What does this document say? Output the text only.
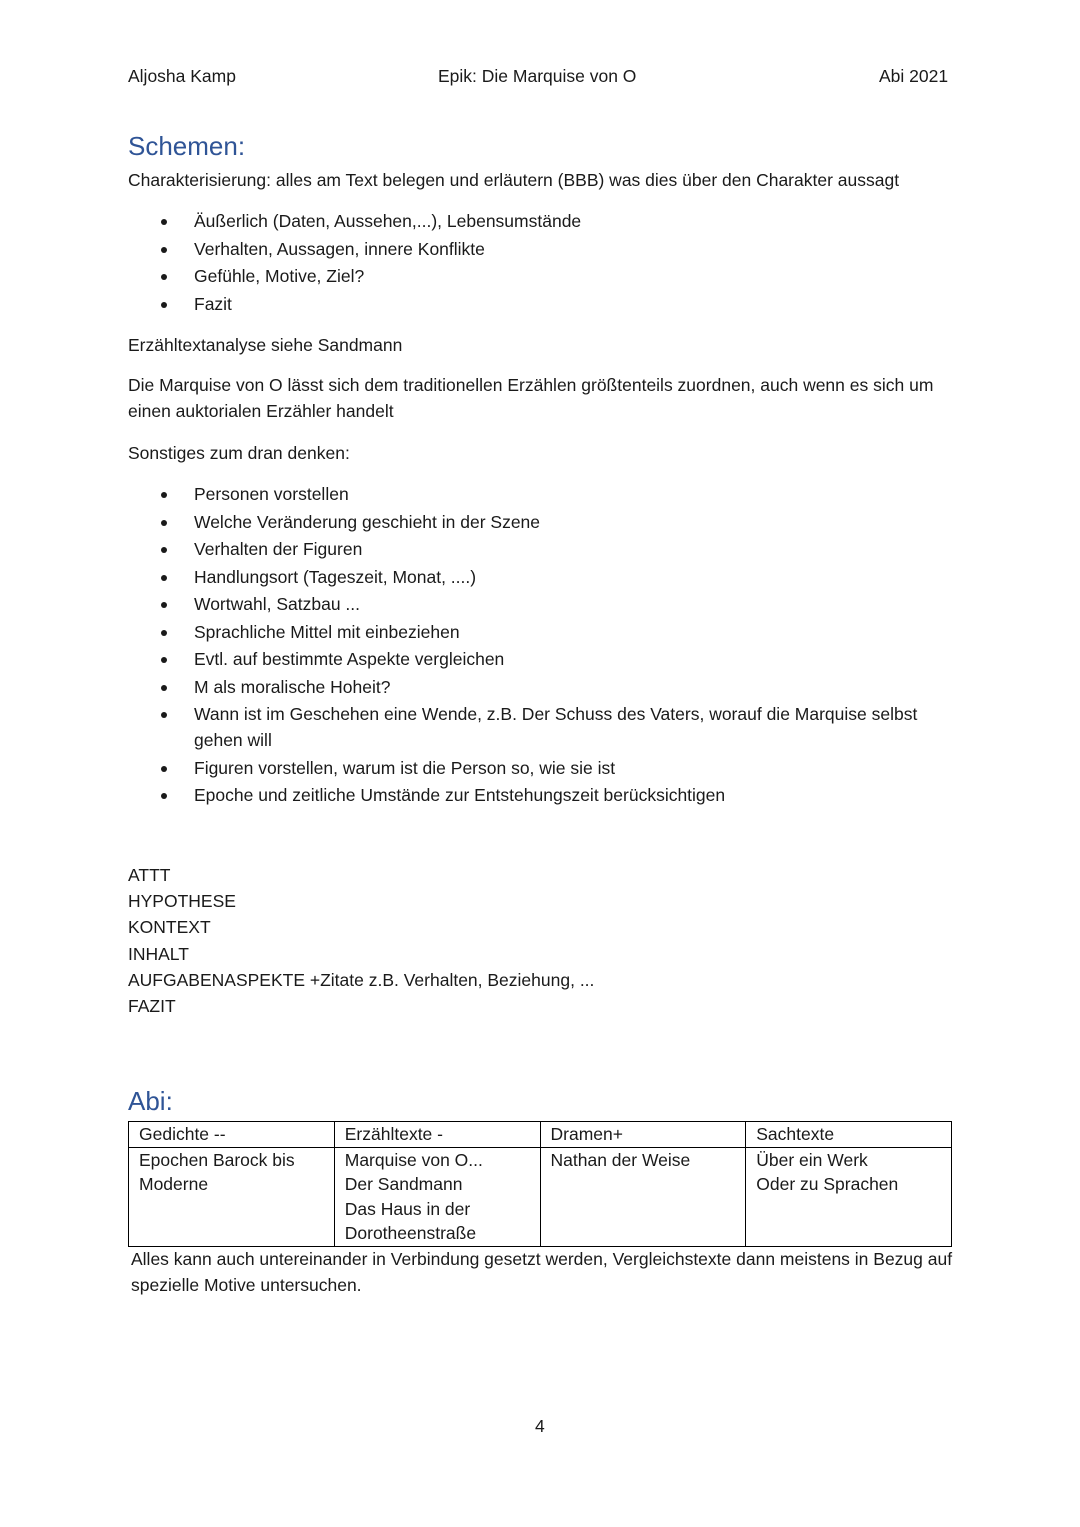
Aljosha Kamp	Epik: Die Marquise von O	Abi 2021
Schemen:
Charakterisierung: alles am Text belegen und erläutern (BBB) was dies über den Charakter aussagt
Äußerlich (Daten, Aussehen,...), Lebensumstände
Verhalten, Aussagen, innere Konflikte
Gefühle, Motive, Ziel?
Fazit
Erzähltextanalyse siehe Sandmann
Die Marquise von O lässt sich dem traditionellen Erzählen größtenteils zuordnen, auch wenn es sich um einen auktorialen Erzähler handelt
Sonstiges zum dran denken:
Personen vorstellen
Welche Veränderung geschieht in der Szene
Verhalten der Figuren
Handlungsort (Tageszeit, Monat, ....)
Wortwahl, Satzbau ...
Sprachliche Mittel mit einbeziehen
Evtl. auf bestimmte Aspekte vergleichen
M als moralische Hoheit?
Wann ist im Geschehen eine Wende, z.B. Der Schuss des Vaters, worauf die Marquise selbst gehen will
Figuren vorstellen, warum ist die Person so, wie sie ist
Epoche und zeitliche Umstände zur Entstehungszeit berücksichtigen
ATTT
HYPOTHESE
KONTEXT
INHALT
AUFGABENASPEKTE +Zitate z.B. Verhalten, Beziehung, ...
FAZIT
Abi:
Gedichte --	Erzähltexte -	Dramen+	Sachtexte

Epochen Barock bis
Moderne	Marquise von O...
Der Sandmann
Das Haus in der
Dorotheenstraße	Nathan der Weise	Über ein Werk
Oder zu Sprachen
Alles kann auch untereinander in Verbindung gesetzt werden, Vergleichstexte dann meistens in Bezug auf spezielle Motive untersuchen.
4
